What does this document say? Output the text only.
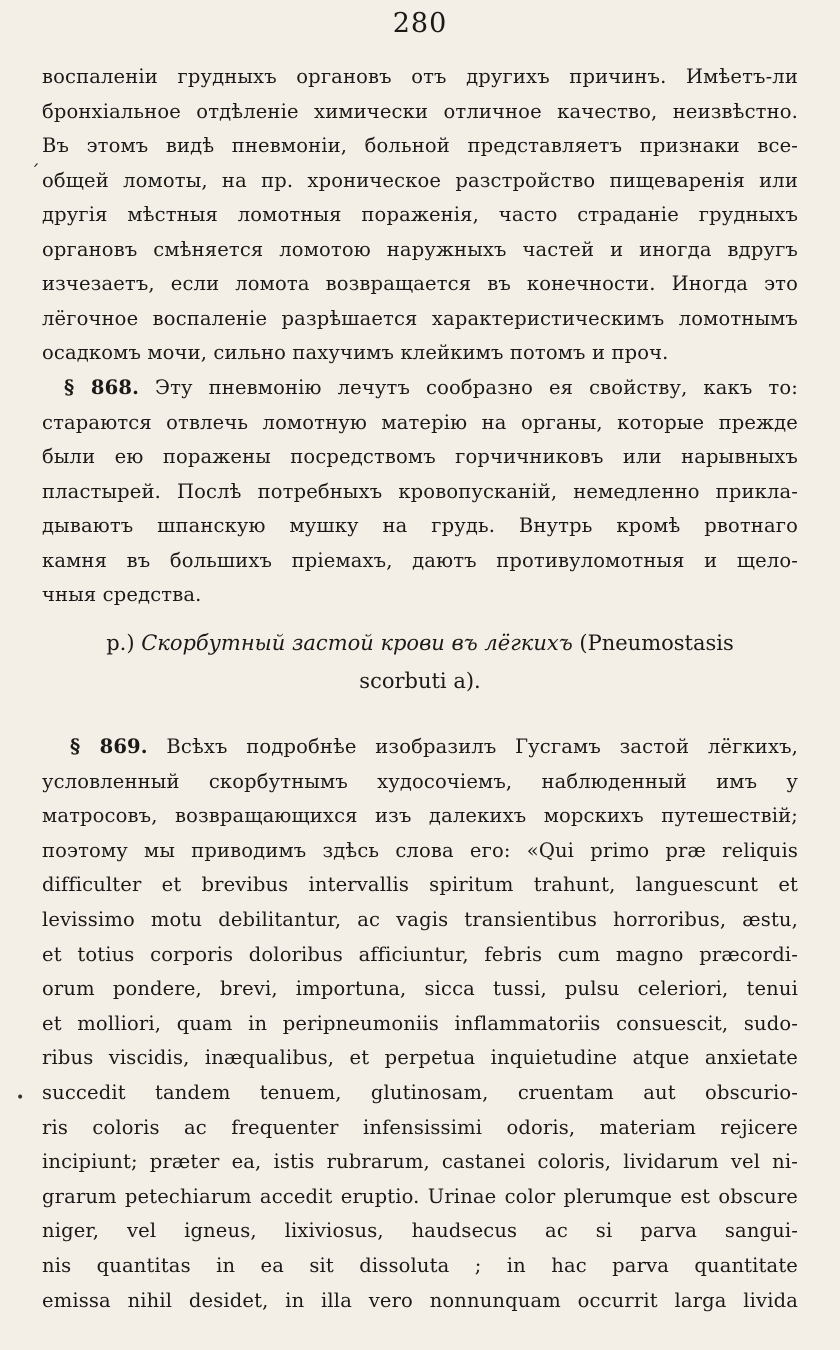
280
ˊ
•
воспаленіи грудныхъ органовъ отъ другихъ причинъ. Имѣетъ-ли
бронхіальное отдѣленіе химически отличное качество, неизвѣстно.
Въ этомъ видѣ пневмоніи, больной представляетъ признаки все-
общей ломоты, на пр. хроническое разстройство пищеваренія или
другія мѣстныя ломотныя пораженія, часто страданіе грудныхъ
органовъ смѣняется ломотою наружныхъ частей и иногда вдругъ
изчезаетъ, если ломота возвращается въ конечности. Иногда это
лёгочное воспаленіе разрѣшается характеристическимъ ломотнымъ
осадкомъ мочи, сильно пахучимъ клейкимъ потомъ и проч.
§ 868. Эту пневмонію лечутъ сообразно ея свойству, какъ то:
стараются отвлечь ломотную матерію на органы, которые прежде
были ею поражены посредствомъ горчичниковъ или нарывныхъ
пластырей. Послѣ потребныхъ кровопусканій, немедленно прикла-
дываютъ шпанскую мушку на грудь. Внутрь кромѣ рвотнаго
камня въ большихъ пріемахъ, даютъ противуломотныя и щело-
чныя средства.
р.) Скорбутный застой крови въ лёгкихъ (Pneumostasis
scorbuti a).
§ 869. Всѣхъ подробнѣе изобразилъ Гусгамъ застой лёгкихъ,
условленный скорбутнымъ худосочіемъ, наблюденный имъ у
матросовъ, возвращающихся изъ далекихъ морскихъ путешествій;
поэтому мы приводимъ здѣсь слова его: «Qui primo præ reliquis
difficulter et brevibus intervallis spiritum trahunt, languescunt et
levissimo motu debilitantur, ac vagis transientibus horroribus, æstu,
et totius corporis doloribus afficiuntur, febris cum magno præcordi-
orum pondere, brevi, importuna, sicca tussi, pulsu celeriori, tenui
et molliori, quam in peripneumoniis inflammatoriis consuescit, sudo-
ribus viscidis, inæqualibus, et perpetua inquietudine atque anxietate
succedit tandem tenuem, glutinosam, cruentam aut obscurio-
ris coloris ac frequenter infensissimi odoris, materiam rejicere
incipiunt; præter ea, istis rubrarum, castanei coloris, lividarum vel ni-
grarum petechiarum accedit eruptio. Urinae color plerumque est obscure
niger, vel igneus, lixiviosus, haudsecus ac si parva sangui-
nis quantitas in ea sit dissoluta ; in hac parva quantitate
emissa nihil desidet, in illa vero nonnunquam occurrit larga livida
